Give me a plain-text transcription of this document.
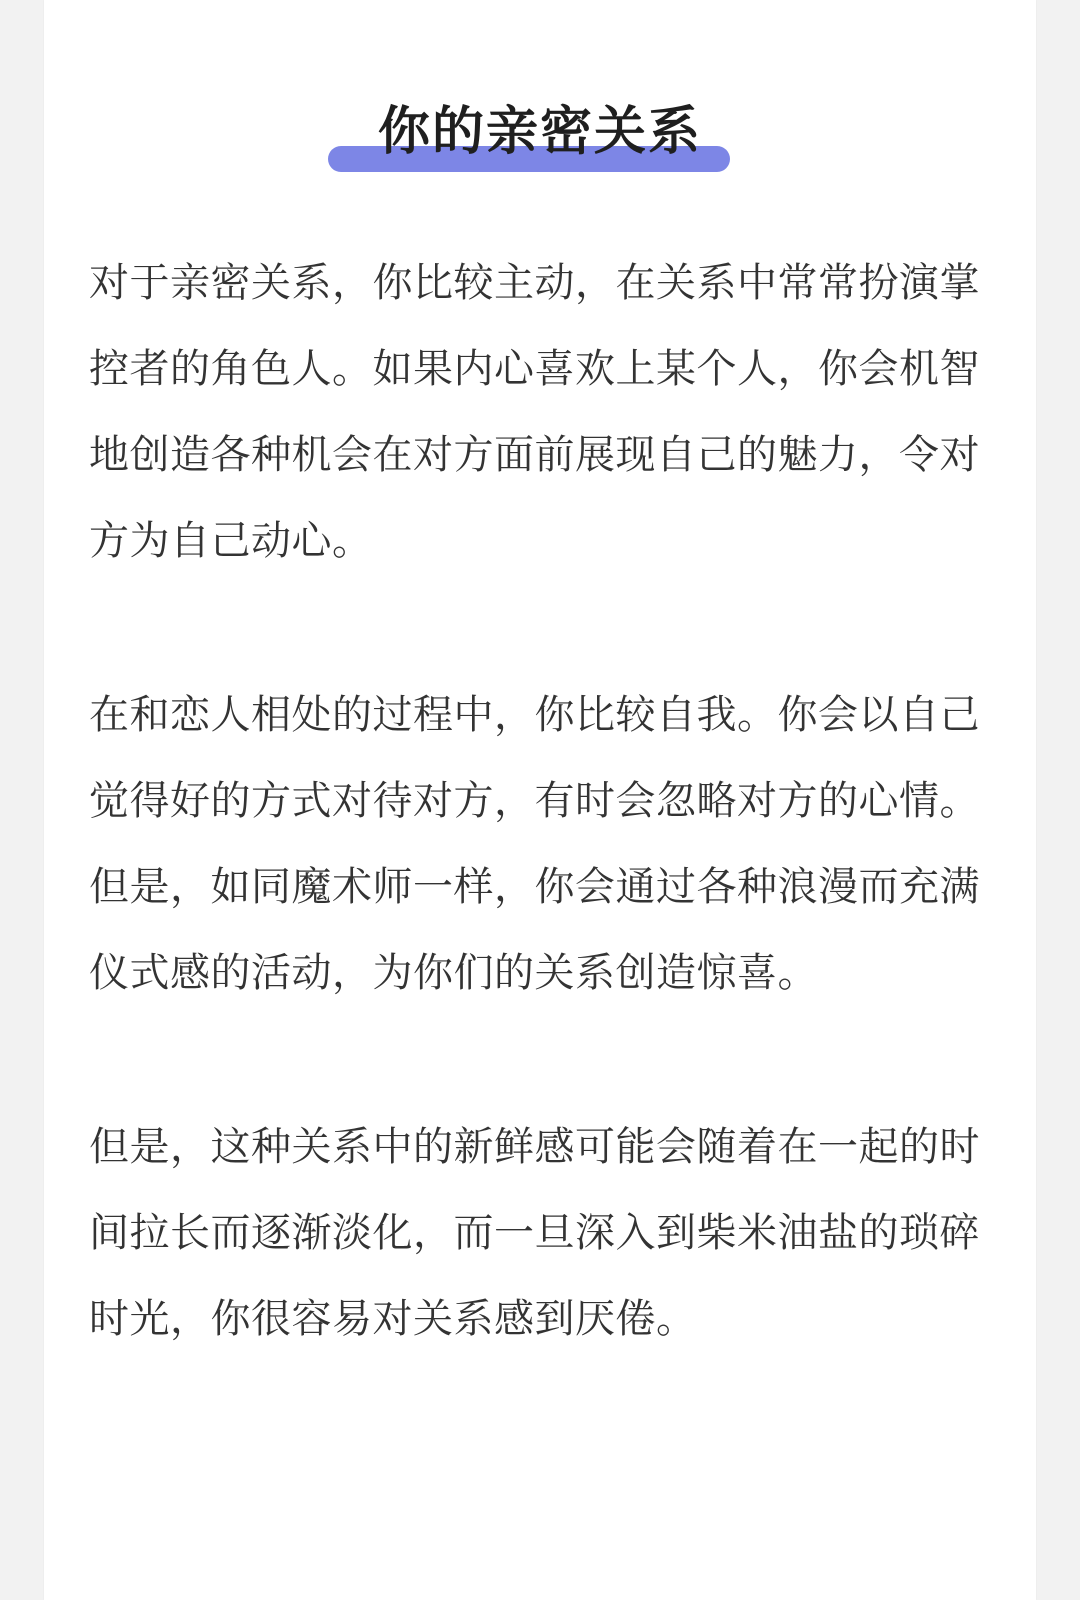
你的亲密关系

对于亲密关系，你比较主动，在关系中常常扮演掌控者的角色人。如果内心喜欢上某个人，你会机智地创造各种机会在对方面前展现自己的魅力，令对方为自己动心。

在和恋人相处的过程中，你比较自我。你会以自己觉得好的方式对待对方，有时会忽略对方的心情。但是，如同魔术师一样，你会通过各种浪漫而充满仪式感的活动，为你们的关系创造惊喜。

但是，这种关系中的新鲜感可能会随着在一起的时间拉长而逐渐淡化，而一旦深入到柴米油盐的琐碎时光，你很容易对关系感到厌倦。
